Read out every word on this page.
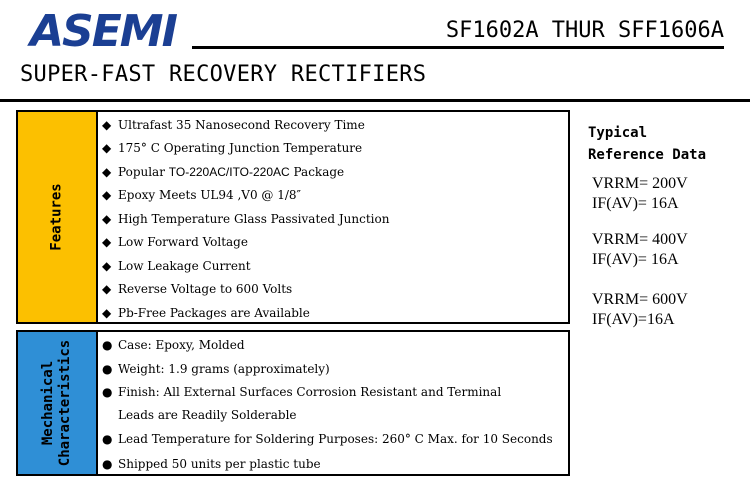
ASEMI	SF1602A THUR SFF1606A
SUPER-FAST RECOVERY RECTIFIERS
Features
◆ Ultrafast 35 Nanosecond Recovery Time
◆ 175° C Operating Junction Temperature
◆ Popular TO-220AC/ITO-220AC Package
◆ Epoxy Meets UL94 ,V0 @ 1/8″
◆ High Temperature Glass Passivated Junction
◆ Low Forward Voltage
◆ Low Leakage Current
◆ Reverse Voltage to 600 Volts
◆ Pb-Free Packages are Available
Mechanical Characteristics ● Case: Epoxy, Molded
● Weight: 1.9 grams (approximately)
● Finish: All External Surfaces Corrosion Resistant and Terminal
Leads are Readily Solderable
● Lead Temperature for Soldering Purposes: 260° C Max. for 10 Seconds
● Shipped 50 units per plastic tube
Typical
Reference Data
VRRM= 200V
IF(AV)= 16A
VRRM= 400V
IF(AV)= 16A
VRRM= 600V
IF(AV)=16A
